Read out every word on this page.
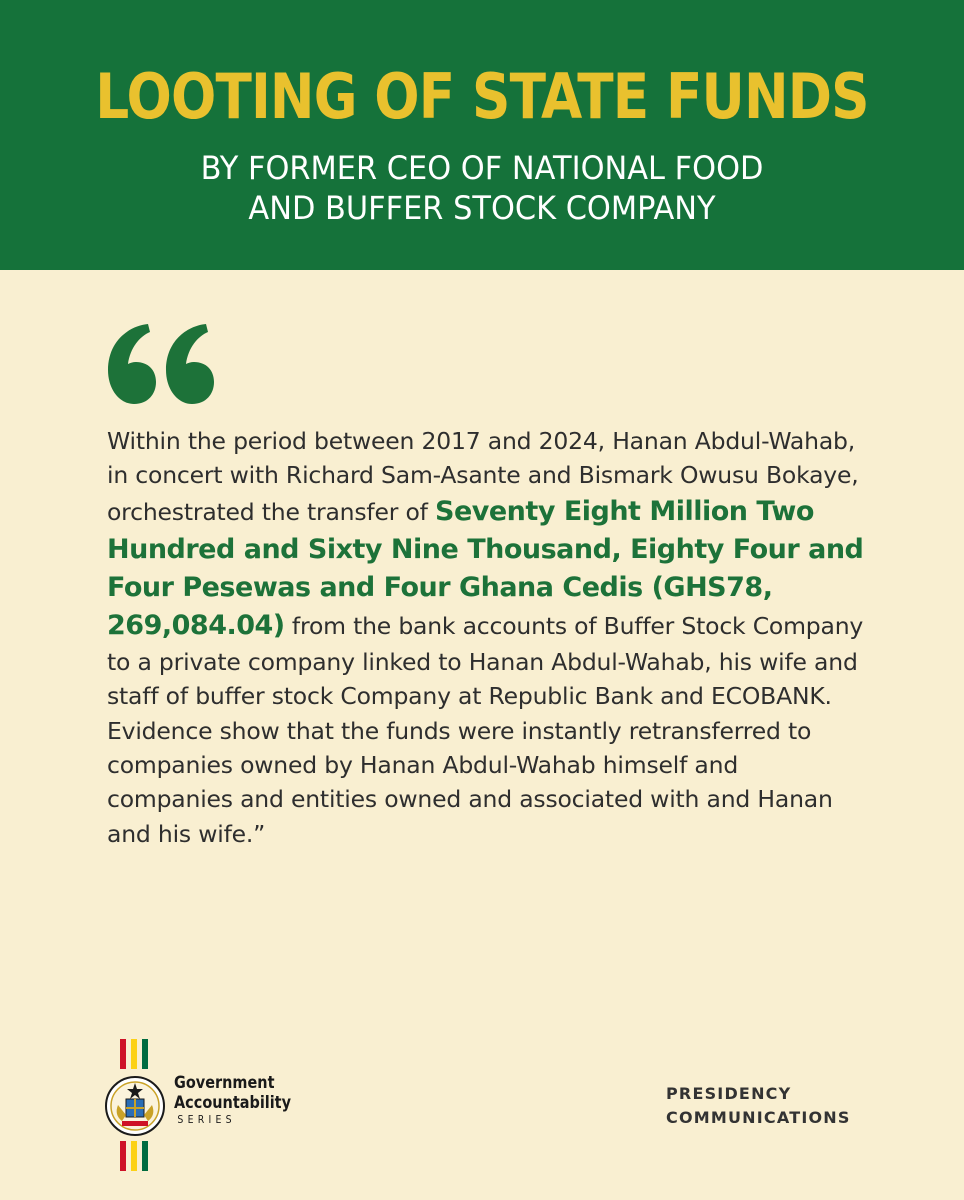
LOOTING OF STATE FUNDS
BY FORMER CEO OF NATIONAL FOOD
AND BUFFER STOCK COMPANY
Within the period between 2017 and 2024, Hanan Abdul-Wahab, in concert with Richard Sam-Asante and Bismark Owusu Bokaye, orchestrated the transfer of Seventy Eight Million Two Hundred and Sixty Nine Thousand, Eighty Four and Four Pesewas and Four Ghana Cedis (GHS78, 269,084.04) from the bank accounts of Buffer Stock Company to a private company linked to Hanan Abdul-Wahab, his wife and staff of buffer stock Company at Republic Bank and ECOBANK. Evidence show that the funds were instantly retransferred to companies owned by Hanan Abdul-Wahab himself and companies and entities owned and associated with and Hanan and his wife.”
Government
Accountability
SERIES
PRESIDENCY
COMMUNICATIONS
